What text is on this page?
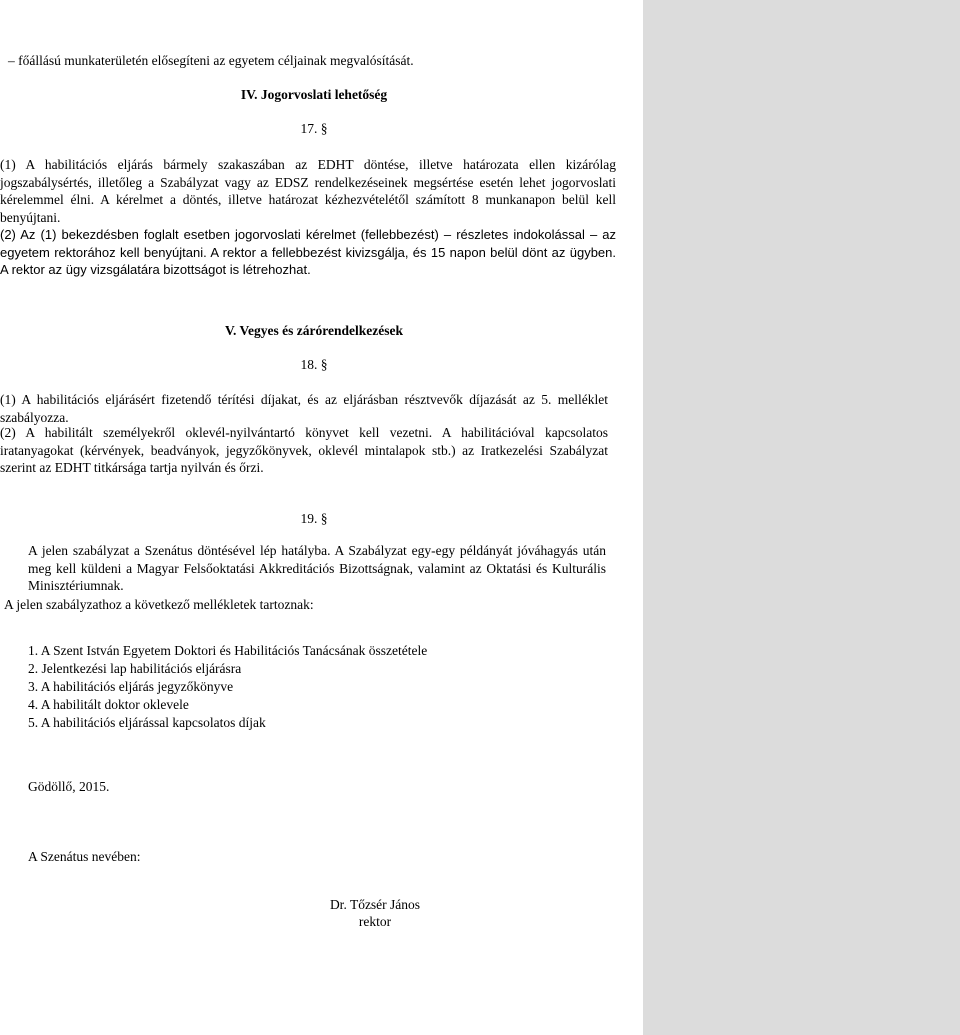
– főállású munkaterületén elősegíteni az egyetem céljainak megvalósítását.
IV. Jogorvoslati lehetőség
17. §
(1) A habilitációs eljárás bármely szakaszában az EDHT döntése, illetve határozata ellen kizárólag jogszabálysértés, illetőleg a Szabályzat vagy az EDSZ rendelkezéseinek megsértése esetén lehet jogorvoslati kérelemmel élni. A kérelmet a döntés, illetve határozat kézhezvételétől számított 8 munkanapon belül kell benyújtani.
(2) Az (1) bekezdésben foglalt esetben jogorvoslati kérelmet (fellebbezést) – részletes indokolással – az egyetem rektorához kell benyújtani. A rektor a fellebbezést kivizsgálja, és 15 napon belül dönt az ügyben. A rektor az ügy vizsgálatára bizottságot is létrehozhat.
V. Vegyes és zárórendelkezések
18. §
(1) A habilitációs eljárásért fizetendő térítési díjakat, és az eljárásban résztvevők díjazását az 5. melléklet szabályozza.
(2) A habilitált személyekről oklevél-nyilvántartó könyvet kell vezetni. A habilitációval kapcsolatos iratanyagokat (kérvények, beadványok, jegyzőkönyvek, oklevél mintalapok stb.) az Iratkezelési Szabályzat szerint az EDHT titkársága tartja nyilván és őrzi.
19. §
A jelen szabályzat a Szenátus döntésével lép hatályba. A Szabályzat egy-egy példányát jóváhagyás után meg kell küldeni a Magyar Felsőoktatási Akkreditációs Bizottságnak, valamint az Oktatási és Kulturális Minisztériumnak.
A jelen szabályzathoz a következő mellékletek tartoznak:
1. A Szent István Egyetem Doktori és Habilitációs Tanácsának összetétele
2. Jelentkezési lap habilitációs eljárásra
3. A habilitációs eljárás jegyzőkönyve
4. A habilitált doktor oklevele
5. A habilitációs eljárással kapcsolatos díjak
Gödöllő, 2015.
A Szenátus nevében:
Dr. Tőzsér János
rektor
